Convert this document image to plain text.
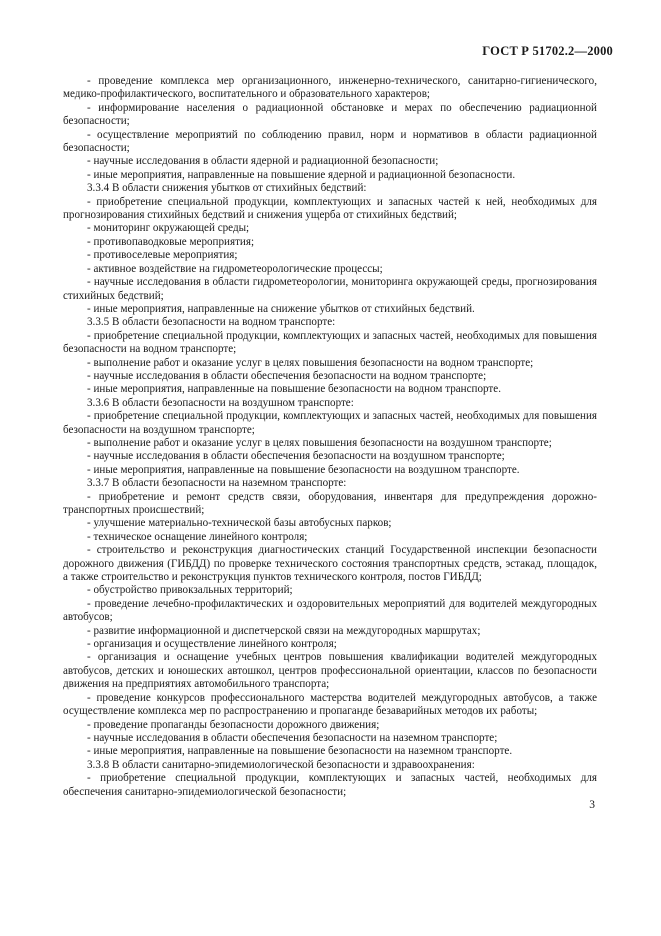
ГОСТ Р 51702.2—2000

- проведение комплекса мер организационного, инженерно-технического, санитарно-гигиенического, медико-профилактического, воспитательного и образовательного характеров;

- информирование населения о радиационной обстановке и мерах по обеспечению радиационной безопасности;

- осуществление мероприятий по соблюдению правил, норм и нормативов в области радиационной безопасности;

- научные исследования в области ядерной и радиационной безопасности;

- иные мероприятия, направленные на повышение ядерной и радиационной безопасности.

3.3.4 В области снижения убытков от стихийных бедствий:

- приобретение специальной продукции, комплектующих и запасных частей к ней, необходимых для прогнозирования стихийных бедствий и снижения ущерба от стихийных бедствий;

- мониторинг окружающей среды;

- противопаводковые мероприятия;

- противоселевые мероприятия;

- активное воздействие на гидрометеорологические процессы;

- научные исследования в области гидрометеорологии, мониторинга окружающей среды, прогнозирования стихийных бедствий;

- иные мероприятия, направленные на снижение убытков от стихийных бедствий.

3.3.5 В области безопасности на водном транспорте:

- приобретение специальной продукции, комплектующих и запасных частей, необходимых для повышения безопасности на водном транспорте;

- выполнение работ и оказание услуг в целях повышения безопасности на водном транспорте;

- научные исследования в области обеспечения безопасности на водном транспорте;

- иные мероприятия, направленные на повышение безопасности на водном транспорте.

3.3.6 В области безопасности на воздушном транспорте:

- приобретение специальной продукции, комплектующих и запасных частей, необходимых для повышения безопасности на воздушном транспорте;

- выполнение работ и оказание услуг в целях повышения безопасности на воздушном транспорте;

- научные исследования в области обеспечения безопасности на воздушном транспорте;

- иные мероприятия, направленные на повышение безопасности на воздушном транспорте.

3.3.7 В области безопасности на наземном транспорте:

- приобретение и ремонт средств связи, оборудования, инвентаря для предупреждения дорожно-транспортных происшествий;

- улучшение материально-технической базы автобусных парков;

- техническое оснащение линейного контроля;

- строительство и реконструкция диагностических станций Государственной инспекции безопасности дорожного движения (ГИБДД) по проверке технического состояния транспортных средств, эстакад, площадок, а также строительство и реконструкция пунктов технического контроля, постов ГИБДД;

- обустройство привокзальных территорий;

- проведение лечебно-профилактических и оздоровительных мероприятий для водителей междугородных автобусов;

- развитие информационной и диспетчерской связи на междугородных маршрутах;

- организация и осуществление линейного контроля;

- организация и оснащение учебных центров повышения квалификации водителей междугородных автобусов, детских и юношеских автошкол, центров профессиональной ориентации, классов по безопасности движения на предприятиях автомобильного транспорта;

- проведение конкурсов профессионального мастерства водителей междугородных автобусов, а также осуществление комплекса мер по распространению и пропаганде безаварийных методов их работы;

- проведение пропаганды безопасности дорожного движения;

- научные исследования в области обеспечения безопасности на наземном транспорте;

- иные мероприятия, направленные на повышение безопасности на наземном транспорте.

3.3.8 В области санитарно-эпидемиологической безопасности и здравоохранения:

- приобретение специальной продукции, комплектующих и запасных частей, необходимых для обеспечения санитарно-эпидемиологической безопасности;

3
